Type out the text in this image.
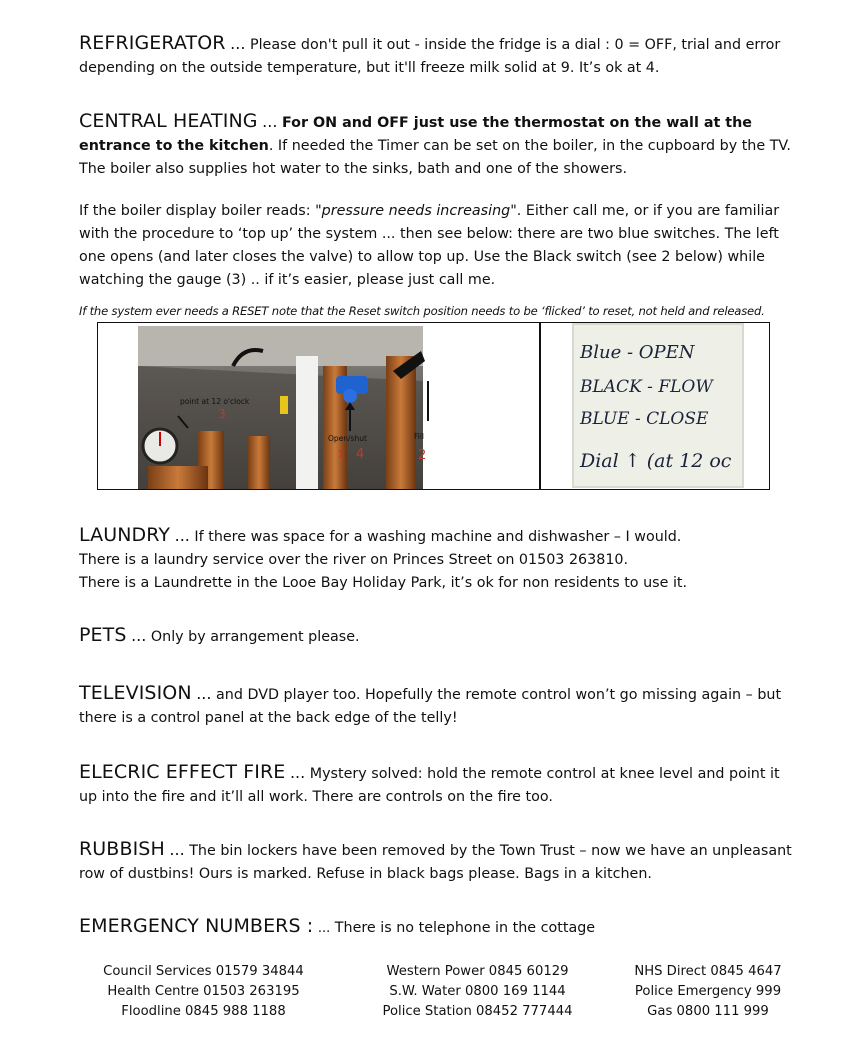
REFRIGERATOR ... Please don't pull it out - inside the fridge is a dial : 0 = OFF, trial and error depending on the outside temperature, but it'll freeze milk solid at 9. It’s ok at 4.

CENTRAL HEATING ... For ON and OFF just use the thermostat on the wall at the entrance to the kitchen. If needed the Timer can be set on the boiler, in the cupboard by the TV. The boiler also supplies hot water to the sinks, bath and one of the showers.

If the boiler display boiler reads: "pressure needs increasing". Either call me, or if you are familiar with the procedure to ‘top up’ the system ... then see below: there are two blue switches. The left one opens (and later closes the valve) to allow top up. Use the Black switch (see 2 below) while watching the gauge (3) .. if it’s easier, please just call me.

If the system ever needs a RESET note that the Reset switch position needs to be ‘flicked’ to reset, not held and released.
point at 12 o'clock
3
Open/shut
1 4
Fill
2
Blue - OPEN
BLACK - FLOW
BLUE - CLOSE
Dial ↑ (at 12 oc

LAUNDRY ... If there was space for a washing machine and dishwasher – I would.

There is a laundry service over the river on Princes Street on 01503 263810.

There is a Laundrette in the Looe Bay Holiday Park, it’s ok for non residents to use it.

PETS ... Only by arrangement please.

TELEVISION ... and DVD player too. Hopefully the remote control won’t go missing again – but there is a control panel at the back edge of the telly!

ELECRIC EFFECT FIRE ... Mystery solved: hold the remote control at knee level and point it up into the fire and it’ll all work. There are controls on the fire too.

RUBBISH ... The bin lockers have been removed by the Town Trust – now we have an unpleasant row of dustbins! Ours is marked. Refuse in black bags please. Bags in a kitchen.

EMERGENCY NUMBERS : ... There is no telephone in the cottage

Council Services 01579 34844
Health Centre 01503 263195
Floodline 0845 988 1188
Western Power 0845 60129
S.W. Water 0800 169 1144
Police Station 08452 777444
NHS Direct 0845 4647
Police Emergency 999
Gas 0800 111 999
